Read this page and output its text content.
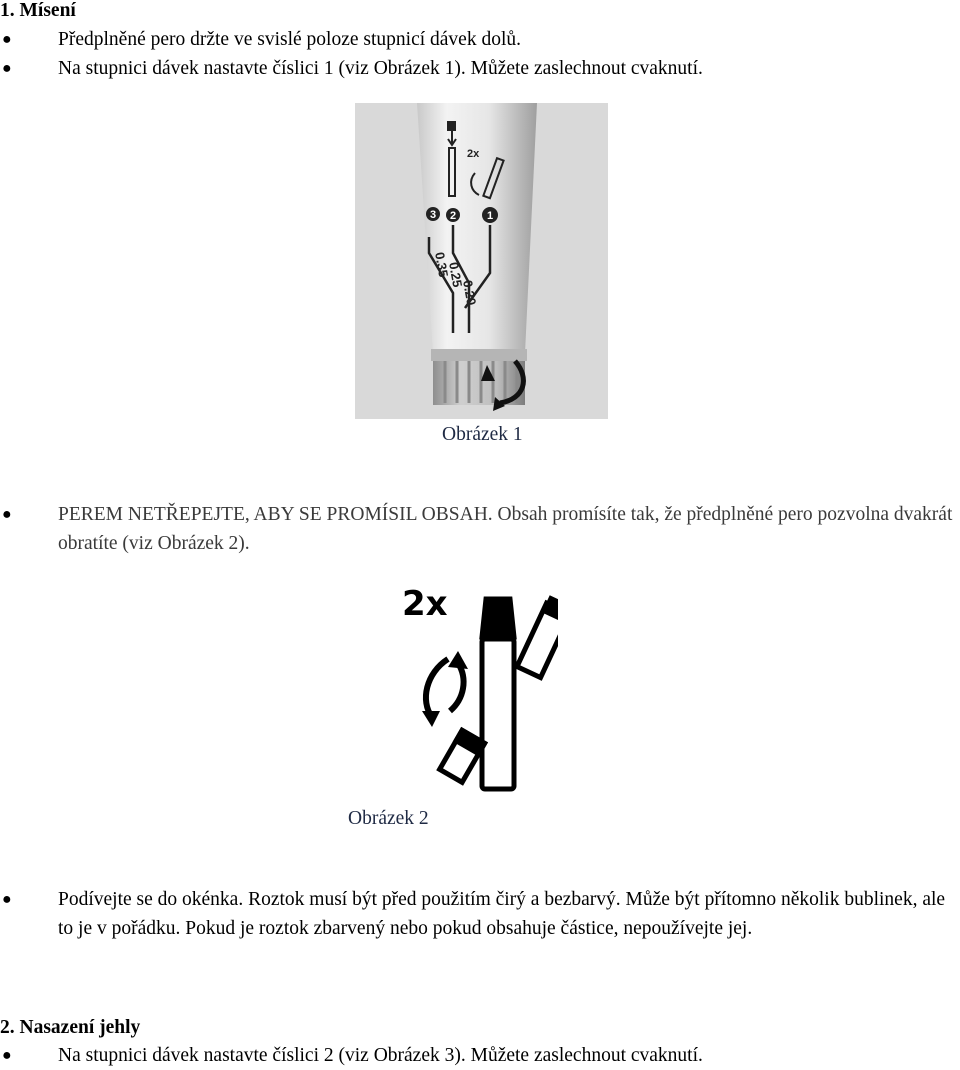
1. Mísení
● Předplněné pero držte ve svislé poloze stupnicí dávek dolů.
● Na stupnici dávek nastavte číslici 1 (viz Obrázek 1). Můžete zaslechnout cvaknutí.
2x
3 2	1
0.35
0.25
0.20
Obrázek 1
● PEREM NETŘEPEJTE, ABY SE PROMÍSIL OBSAH. Obsah promísíte tak, že předplněné pero pozvolna dvakrát obratíte (viz Obrázek 2).
2x
Obrázek 2
● Podívejte se do okénka. Roztok musí být před použitím čirý a bezbarvý. Může být přítomno několik bublinek, ale to je v pořádku. Pokud je roztok zbarvený nebo pokud obsahuje částice, nepoužívejte jej.
2. Nasazení jehly
● Na stupnici dávek nastavte číslici 2 (viz Obrázek 3). Můžete zaslechnout cvaknutí.
